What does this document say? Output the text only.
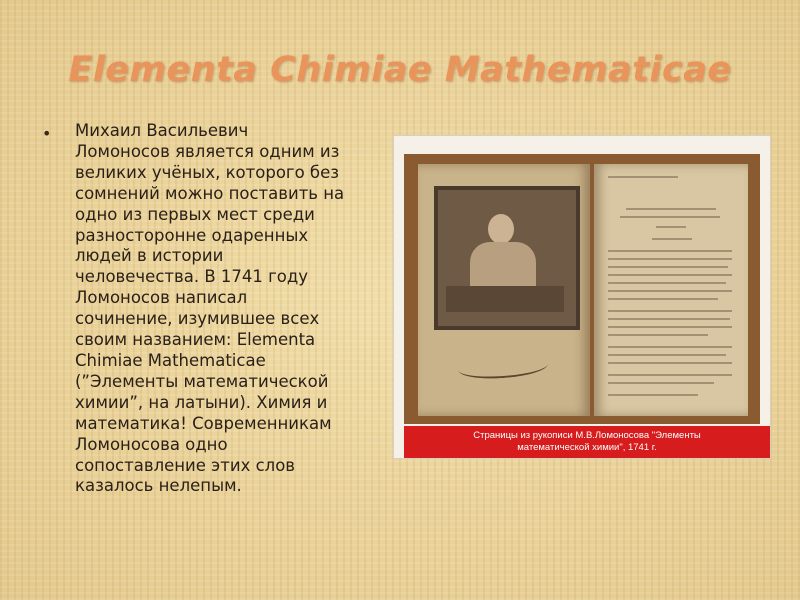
Elementa Chimiae Mathematicae
• Михаил Васильевич
Ломоносов является одним из
великих учёных, которого без
сомнений можно поставить на
одно из первых мест среди
разносторонне одаренных
людей в истории
человечества. В 1741 году
Ломоносов написал
сочинение, изумившее всех
своим названием: Elementa
Chimiae Mathematicae
(”Элементы математической
химии”, на латыни). Химия и
математика! Современникам
Ломоносова одно
сопоставление этих слов
казалось нелепым.

Страницы из рукописи М.В.Ломоносова "Элементы
математической химии", 1741 г.
